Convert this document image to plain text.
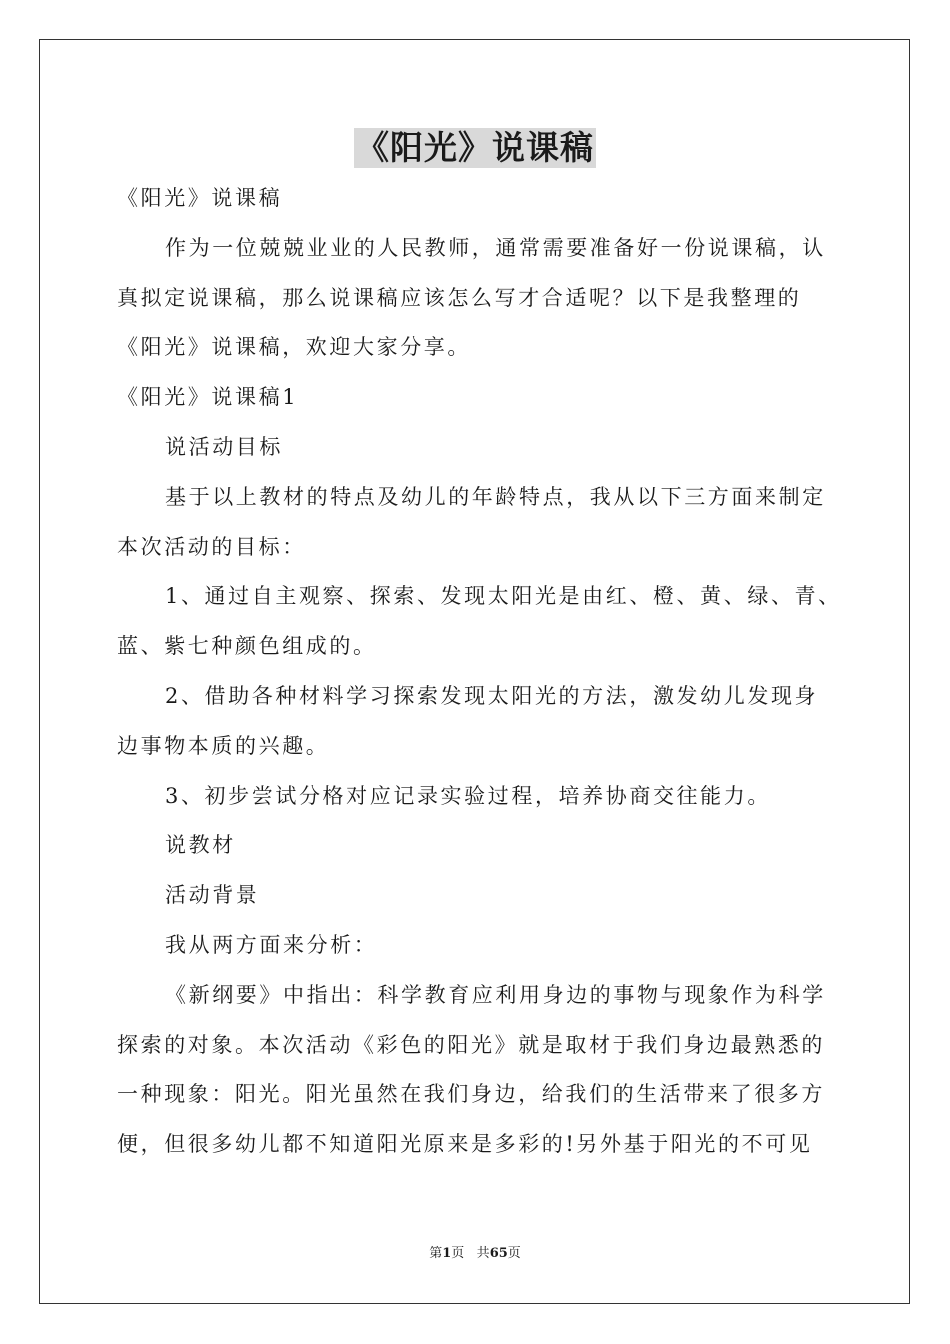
《阳光》说课稿
《阳光》说课稿
作为一位兢兢业业的人民教师，通常需要准备好一份说课稿，认
真拟定说课稿，那么说课稿应该怎么写才合适呢？以下是我整理的
《阳光》说课稿，欢迎大家分享。
《阳光》说课稿1
说活动目标
基于以上教材的特点及幼儿的年龄特点，我从以下三方面来制定
本次活动的目标：
1、通过自主观察、探索、发现太阳光是由红、橙、黄、绿、青、
蓝、紫七种颜色组成的。
2、借助各种材料学习探索发现太阳光的方法，激发幼儿发现身
边事物本质的兴趣。
3、初步尝试分格对应记录实验过程，培养协商交往能力。
说教材
活动背景
我从两方面来分析：
《新纲要》中指出：科学教育应利用身边的事物与现象作为科学
探索的对象。本次活动《彩色的阳光》就是取材于我们身边最熟悉的
一种现象：阳光。阳光虽然在我们身边，给我们的生活带来了很多方
便，但很多幼儿都不知道阳光原来是多彩的!另外基于阳光的不可见
第1页 共65页
